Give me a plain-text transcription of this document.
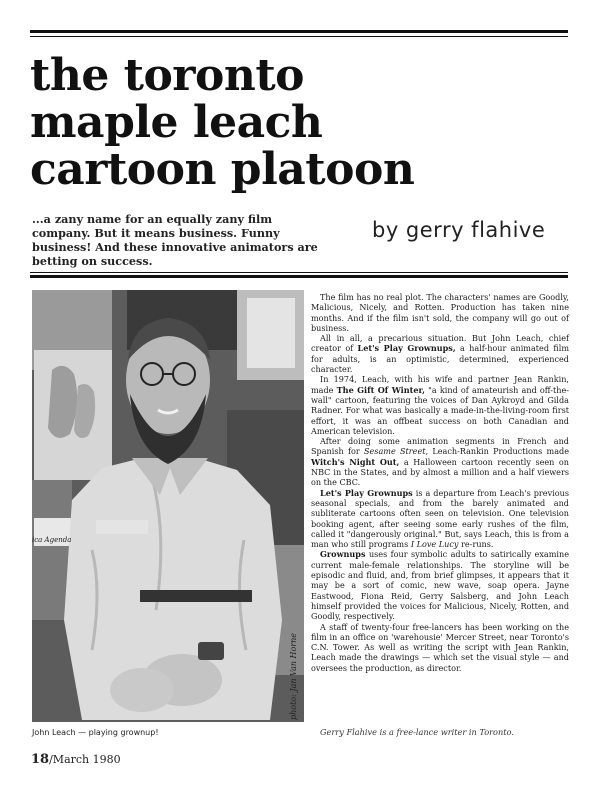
the toronto
maple leach
cartoon platoon
...a zany name for an equally zany film company. But it means business. Funny business! And these innovative animators are betting on success.
by gerry flahive
ica Agenda
photo: Jan Van Horne
John Leach — playing grownup!

The film has no real plot. The characters' names are Goodly, Malicious, Nicely, and Rotten. Production has taken nine months. And if the film isn't sold, the company will go out of business.

All in all, a precarious situation. But John Leach, chief creator of Let's Play Grownups, a half-hour animated film for adults, is an optimistic, determined, experienced character.

In 1974, Leach, with his wife and partner Jean Rankin, made The Gift Of Winter, "a kind of amateurish and off-the-wall" cartoon, featuring the voices of Dan Aykroyd and Gilda Radner. For what was basically a made-in-the-living-room first effort, it was an offbeat success on both Canadian and American television.

After doing some animation segments in French and Spanish for Sesame Street, Leach-Rankin Productions made Witch's Night Out, a Halloween cartoon recently seen on NBC in the States, and by almost a million and a half viewers on the CBC.

Let's Play Grownups is a departure from Leach's previous seasonal specials, and from the barely animated and subliterate cartoons often seen on television. One television booking agent, after seeing some early rushes of the film, called it "dangerously original." But, says Leach, this is from a man who still programs I Love Lucy re-runs.

Grownups uses four symbolic adults to satirically examine current male-female relationships. The storyline will be episodic and fluid, and, from brief glimpses, it appears that it may be a sort of comic, new wave, soap opera. Jayne Eastwood, Fiona Reid, Gerry Salsberg, and John Leach himself provided the voices for Malicious, Nicely, Rotten, and Goodly, respectively.

A staff of twenty-four free-lancers has been working on the film in an office on 'warehousie' Mercer Street, near Toronto's C.N. Tower. As well as writing the script with Jean Rankin, Leach made the drawings — which set the visual style — and oversees the production, as director.

Gerry Flahive is a free-lance writer in Toronto.
18/March 1980
